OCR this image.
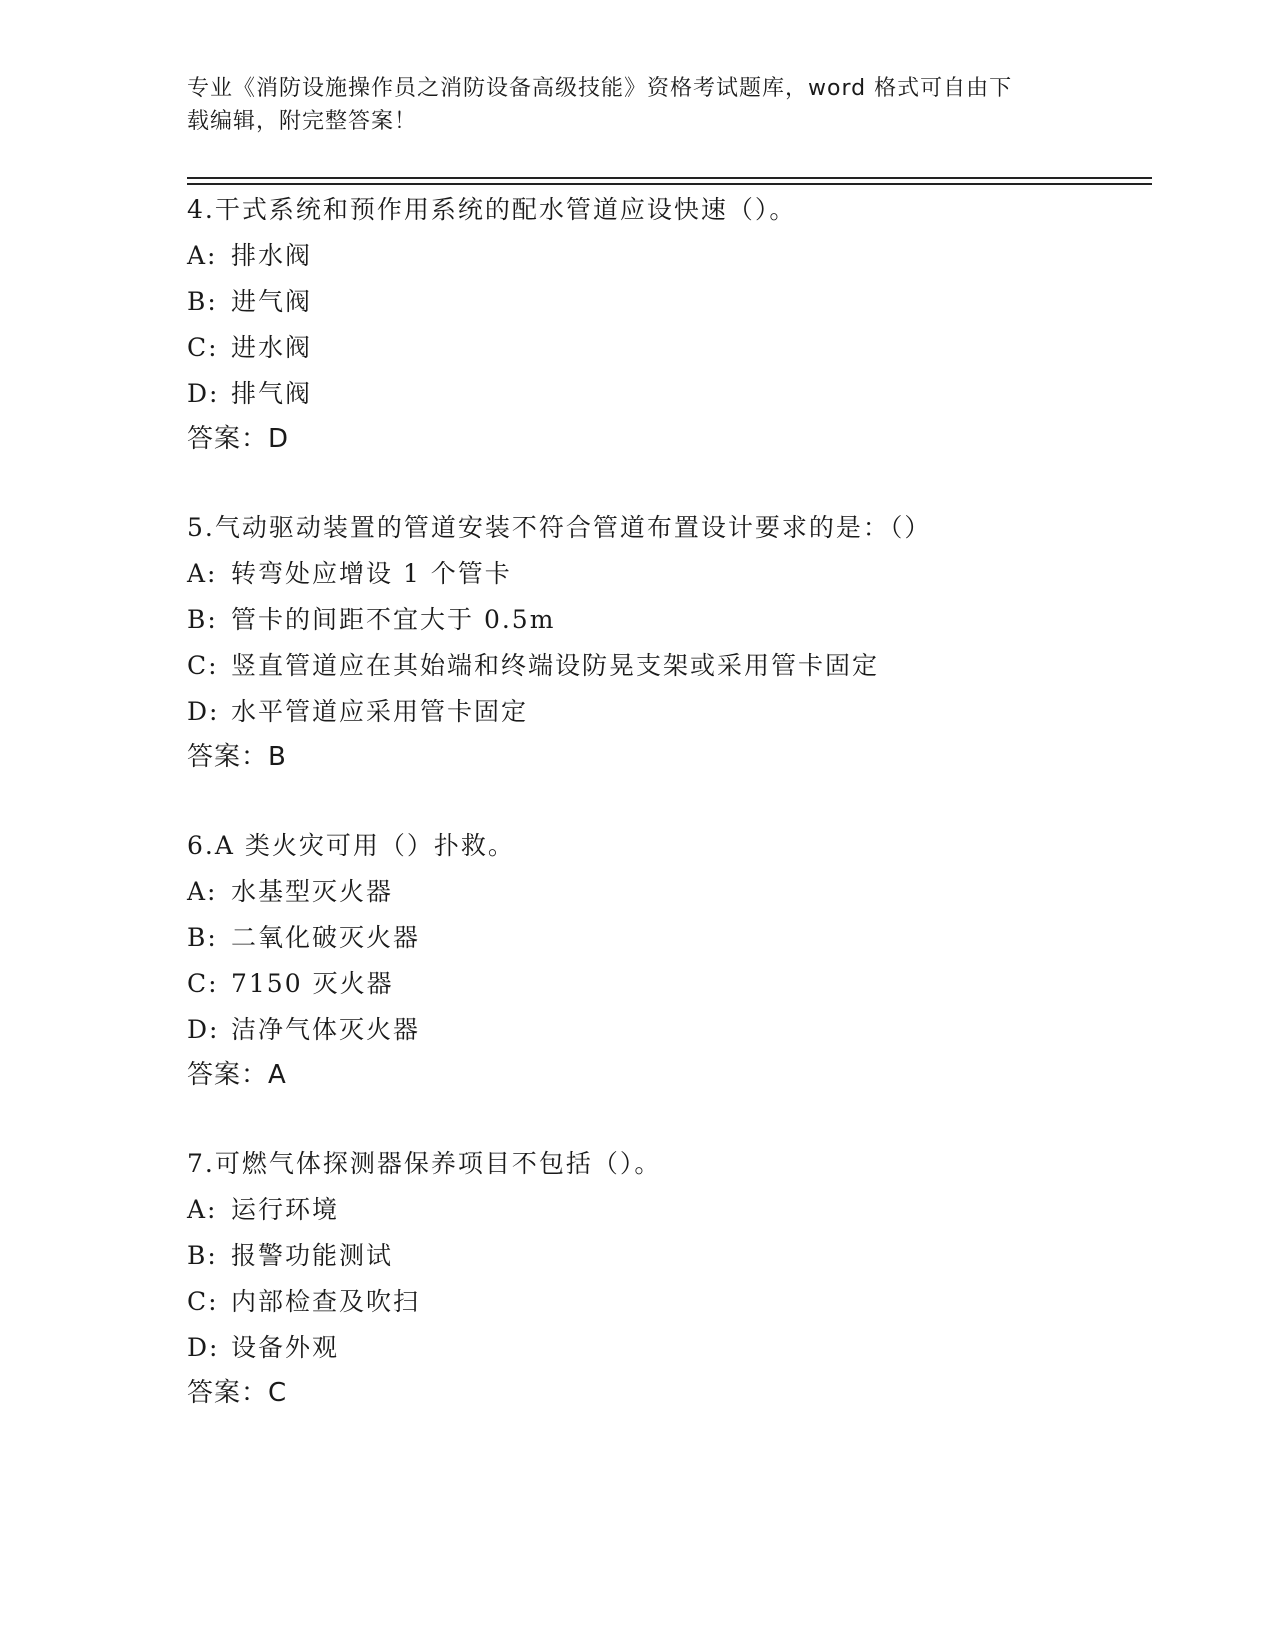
专业《消防设施操作员之消防设备高级技能》资格考试题库，word 格式可自由下
载编辑，附完整答案！
4.干式系统和预作用系统的配水管道应设快速（）。
A: 排水阀
B: 进气阀
C: 进水阀
D: 排气阀
答案：D
5.气动驱动装置的管道安装不符合管道布置设计要求的是：（）
A: 转弯处应增设 1 个管卡
B: 管卡的间距不宜大于 0.5m
C: 竖直管道应在其始端和终端设防晃支架或采用管卡固定
D: 水平管道应采用管卡固定
答案：B
6.A 类火灾可用（）扑救。
A: 水基型灭火器
B: 二氧化破灭火器
C: 7150 灭火器
D: 洁净气体灭火器
答案：A
7.可燃气体探测器保养项目不包括（）。
A: 运行环境
B: 报警功能测试
C: 内部检查及吹扫
D: 设备外观
答案：C
